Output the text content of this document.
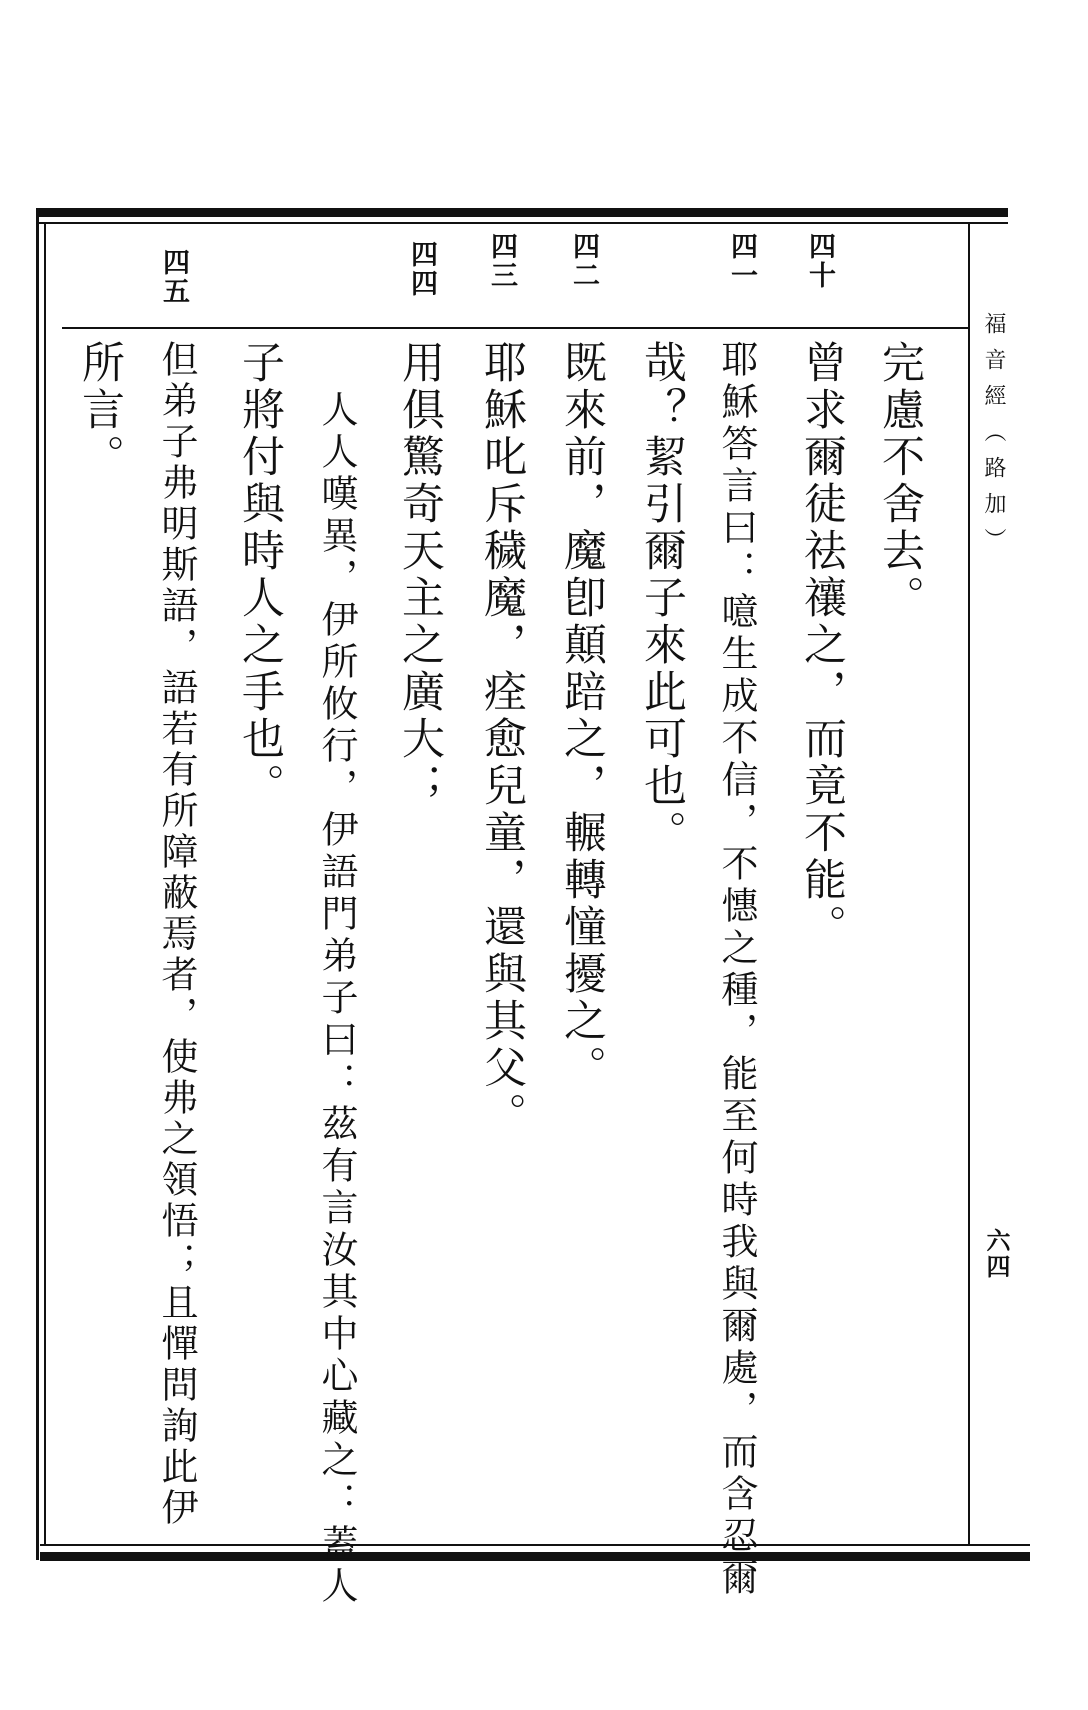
福音經（路加）
六四
四十
四一
四二
四三
四四
四五
完慮不舍去。
曾求爾徒祛禳之，而竟不能。
耶穌答言曰：噫生成不信，不憓之種，能至何時我與爾處，而含忍爾
哉？絜引爾子來此可也。
既來前，魔卽顛踣之，輾轉憧擾之。
耶穌叱斥穢魔，痊愈兒童，還與其父。
用俱驚奇天主之廣大；
人人嘆異，伊所攸行，伊語門弟子曰：茲有言汝其中心藏之：蓋人
子將付與時人之手也。
但弟子弗明斯語，語若有所障蔽焉者，使弗之領悟；且憚問詢此伊
所言。
